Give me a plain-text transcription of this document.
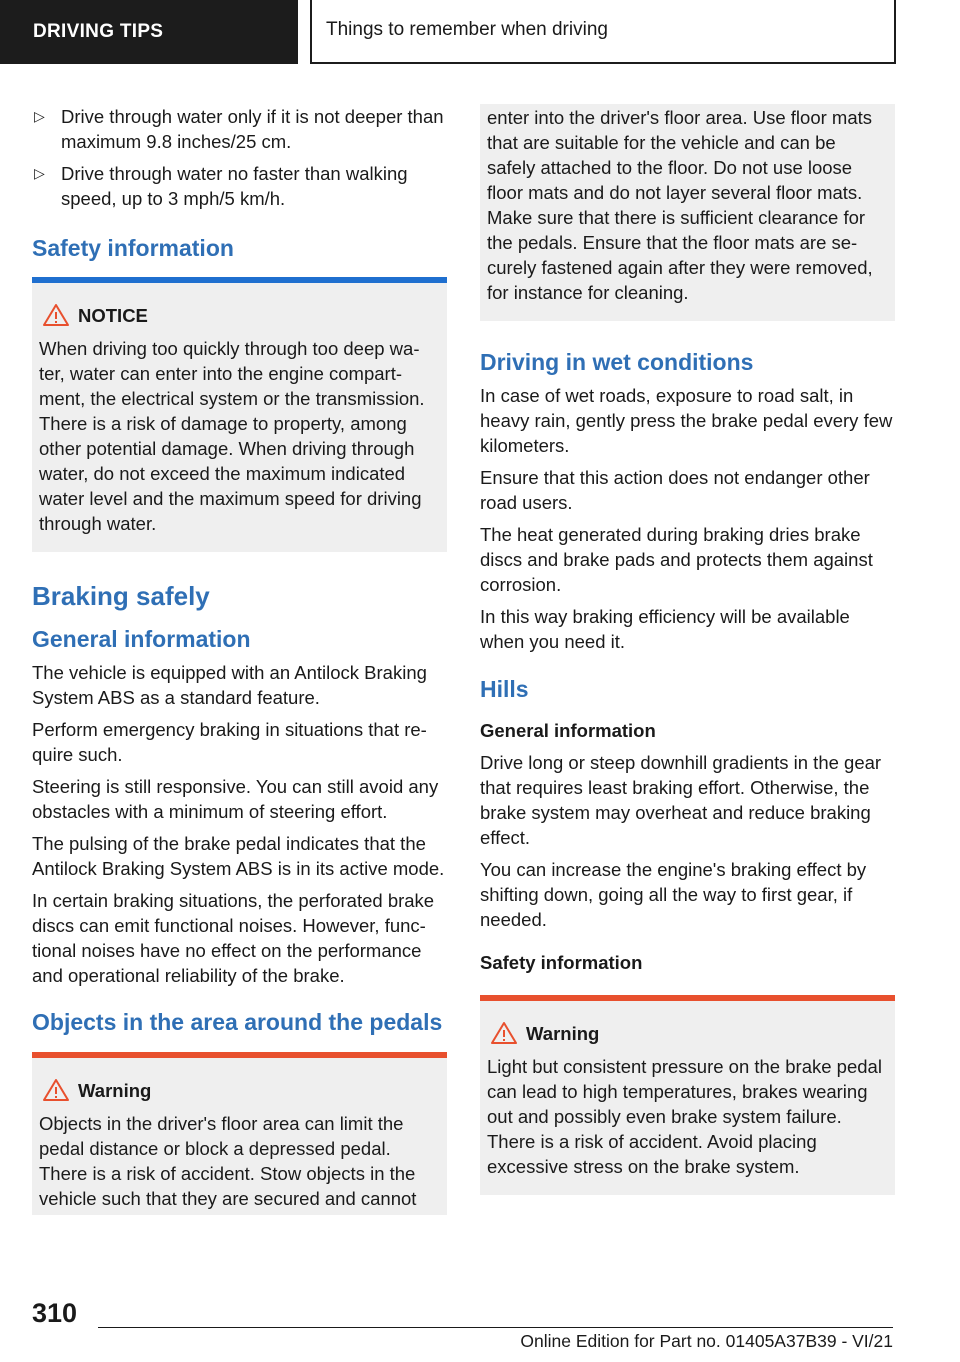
DRIVING TIPS	Things to remember when driving
▷ Drive through water only if it is not deeper than maximum 9.8 inches/25 cm.
▷ Drive through water no faster than walking speed, up to 3 mph/5 km/h.
Safety information
NOTICE

When driving too quickly through too deep wa-ter, water can enter into the engine compart-ment, the electrical system or the transmission. There is a risk of damage to property, among other potential damage. When driving through water, do not exceed the maximum indicated water level and the maximum speed for driving through water.

Braking safely
General information

The vehicle is equipped with an Antilock Braking System ABS as a standard feature.

Perform emergency braking in situations that re-quire such.

Steering is still responsive. You can still avoid any obstacles with a minimum of steering effort.

The pulsing of the brake pedal indicates that the Antilock Braking System ABS is in its active mode.

In certain braking situations, the perforated brake discs can emit functional noises. However, func-tional noises have no effect on the performance and operational reliability of the brake.

Objects in the area around the pedals
Warning

Objects in the driver's floor area can limit the pedal distance or block a depressed pedal. There is a risk of accident. Stow objects in the vehicle such that they are secured and cannot

enter into the driver's floor area. Use floor mats that are suitable for the vehicle and can be safely attached to the floor. Do not use loose floor mats and do not layer several floor mats. Make sure that there is sufficient clearance for the pedals. Ensure that the floor mats are se-curely fastened again after they were removed, for instance for cleaning.

Driving in wet conditions

In case of wet roads, exposure to road salt, in heavy rain, gently press the brake pedal every few kilometers.

Ensure that this action does not endanger other road users.

The heat generated during braking dries brake discs and brake pads and protects them against corrosion.

In this way braking efficiency will be available when you need it.

Hills
General information

Drive long or steep downhill gradients in the gear that requires least braking effort. Otherwise, the brake system may overheat and reduce braking effect.

You can increase the engine's braking effect by shifting down, going all the way to first gear, if needed.

Safety information
Warning

Light but consistent pressure on the brake pedal can lead to high temperatures, brakes wearing out and possibly even brake system failure. There is a risk of accident. Avoid placing excessive stress on the brake system.

310
Online Edition for Part no. 01405A37B39 - VI/21
